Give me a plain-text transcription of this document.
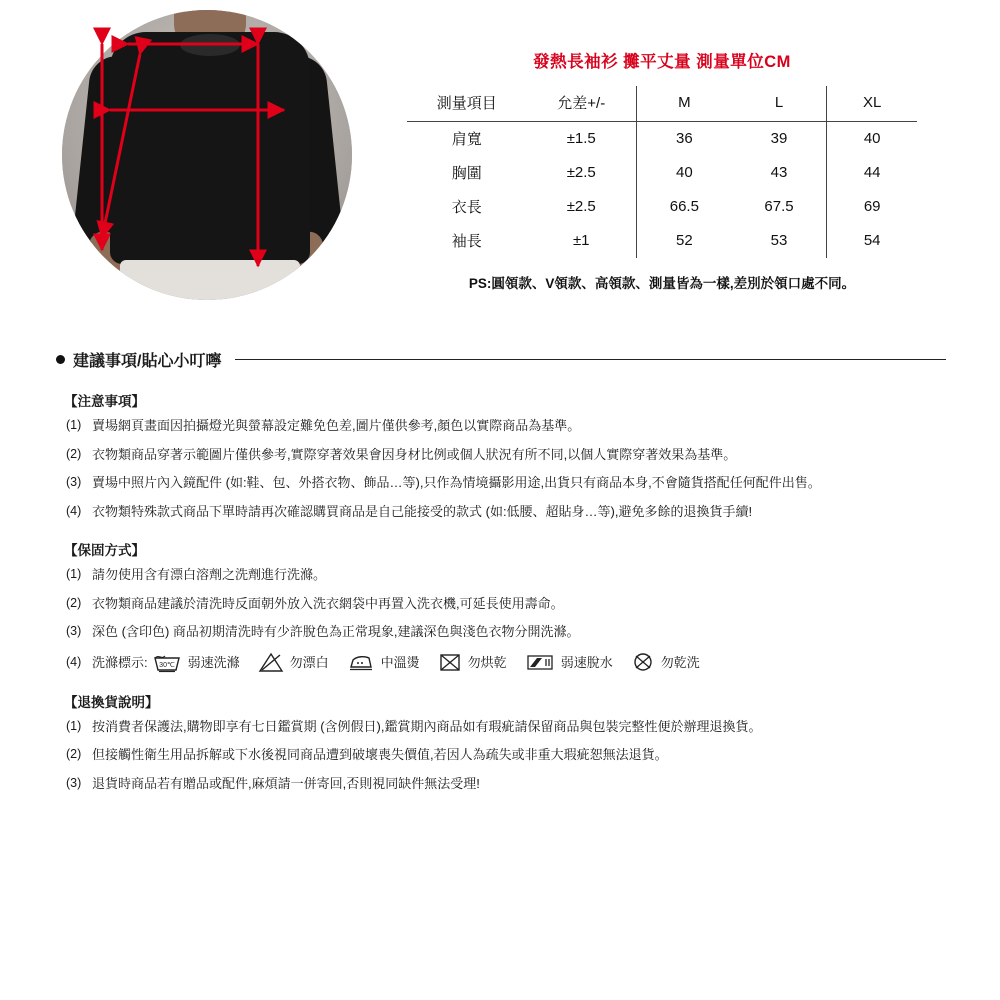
發熱長袖衫 攤平丈量 測量單位CM
測量項目	允差+/-	M	L	XL
肩寬	±1.5	36	39	40
胸圍	±2.5	40	43	44
衣長	±2.5	66.5	67.5	69
袖長	±1	52	53	54
PS:圓領款、V領款、高領款、測量皆為一樣,差別於領口處不同。
建議事項/貼心小叮嚀
【注意事項】
(1) 賣場網頁畫面因拍攝燈光與螢幕設定難免色差,圖片僅供參考,顏色以實際商品為基準。
(2) 衣物類商品穿著示範圖片僅供參考,實際穿著效果會因身材比例或個人狀況有所不同,以個人實際穿著效果為基準。
(3) 賣場中照片內入鏡配件 (如:鞋、包、外搭衣物、飾品…等),只作為情境攝影用途,出貨只有商品本身,不會隨貨搭配任何配件出售。
(4) 衣物類特殊款式商品下單時請再次確認購買商品是自己能接受的款式 (如:低腰、超貼身…等),避免多餘的退換貨手續!
【保固方式】
(1) 請勿使用含有漂白溶劑之洗劑進行洗滌。
(2) 衣物類商品建議於清洗時反面朝外放入洗衣網袋中再置入洗衣機,可延長使用壽命。
(3) 深色 (含印色) 商品初期清洗時有少許脫色為正常現象,建議深色與淺色衣物分開洗滌。
(4) 洗滌標示: 30℃ 弱速洗滌	勿漂白	中溫燙	勿烘乾	弱速脫水	勿乾洗
【退換貨說明】
(1) 按消費者保護法,購物即享有七日鑑賞期 (含例假日),鑑賞期內商品如有瑕疵請保留商品與包裝完整性便於辦理退換貨。
(2) 但接觸性衛生用品拆解或下水後視同商品遭到破壞喪失價值,若因人為疏失或非重大瑕疵恕無法退貨。
(3) 退貨時商品若有贈品或配件,麻煩請一併寄回,否則視同缺件無法受理!
